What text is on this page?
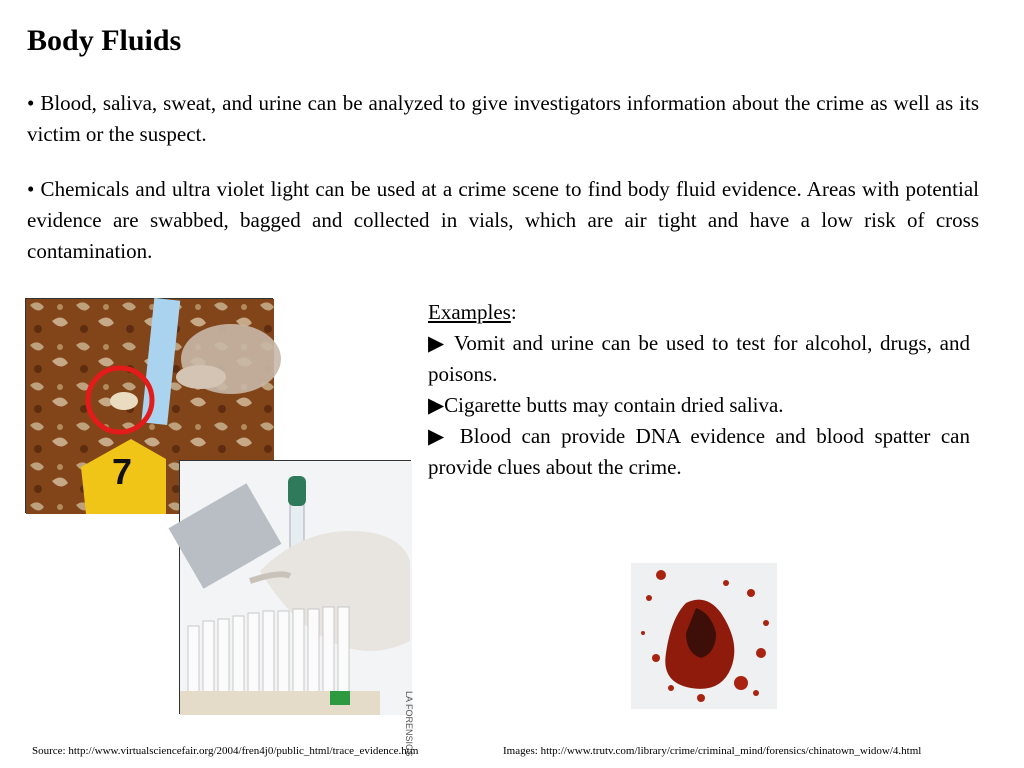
Body Fluids

• Blood, saliva, sweat, and urine can be analyzed to give investigators information about the crime as well as its victim or the suspect.

• Chemicals and ultra violet light can be used at a crime scene to find body fluid evidence. Areas with potential evidence are swabbed, bagged and collected in vials, which are air tight and have a low risk of cross contamination.

Examples:
▶ Vomit and urine can be used to test for alcohol, drugs, and poisons.
▶Cigarette butts may contain dried saliva.
▶ Blood can provide DNA evidence and blood spatter can provide clues about the crime.
7
LA FORENSICS
Source: http://www.virtualsciencefair.org/2004/fren4j0/public_html/trace_evidence.htm	Images: http://www.trutv.com/library/crime/criminal_mind/forensics/chinatown_widow/4.html
